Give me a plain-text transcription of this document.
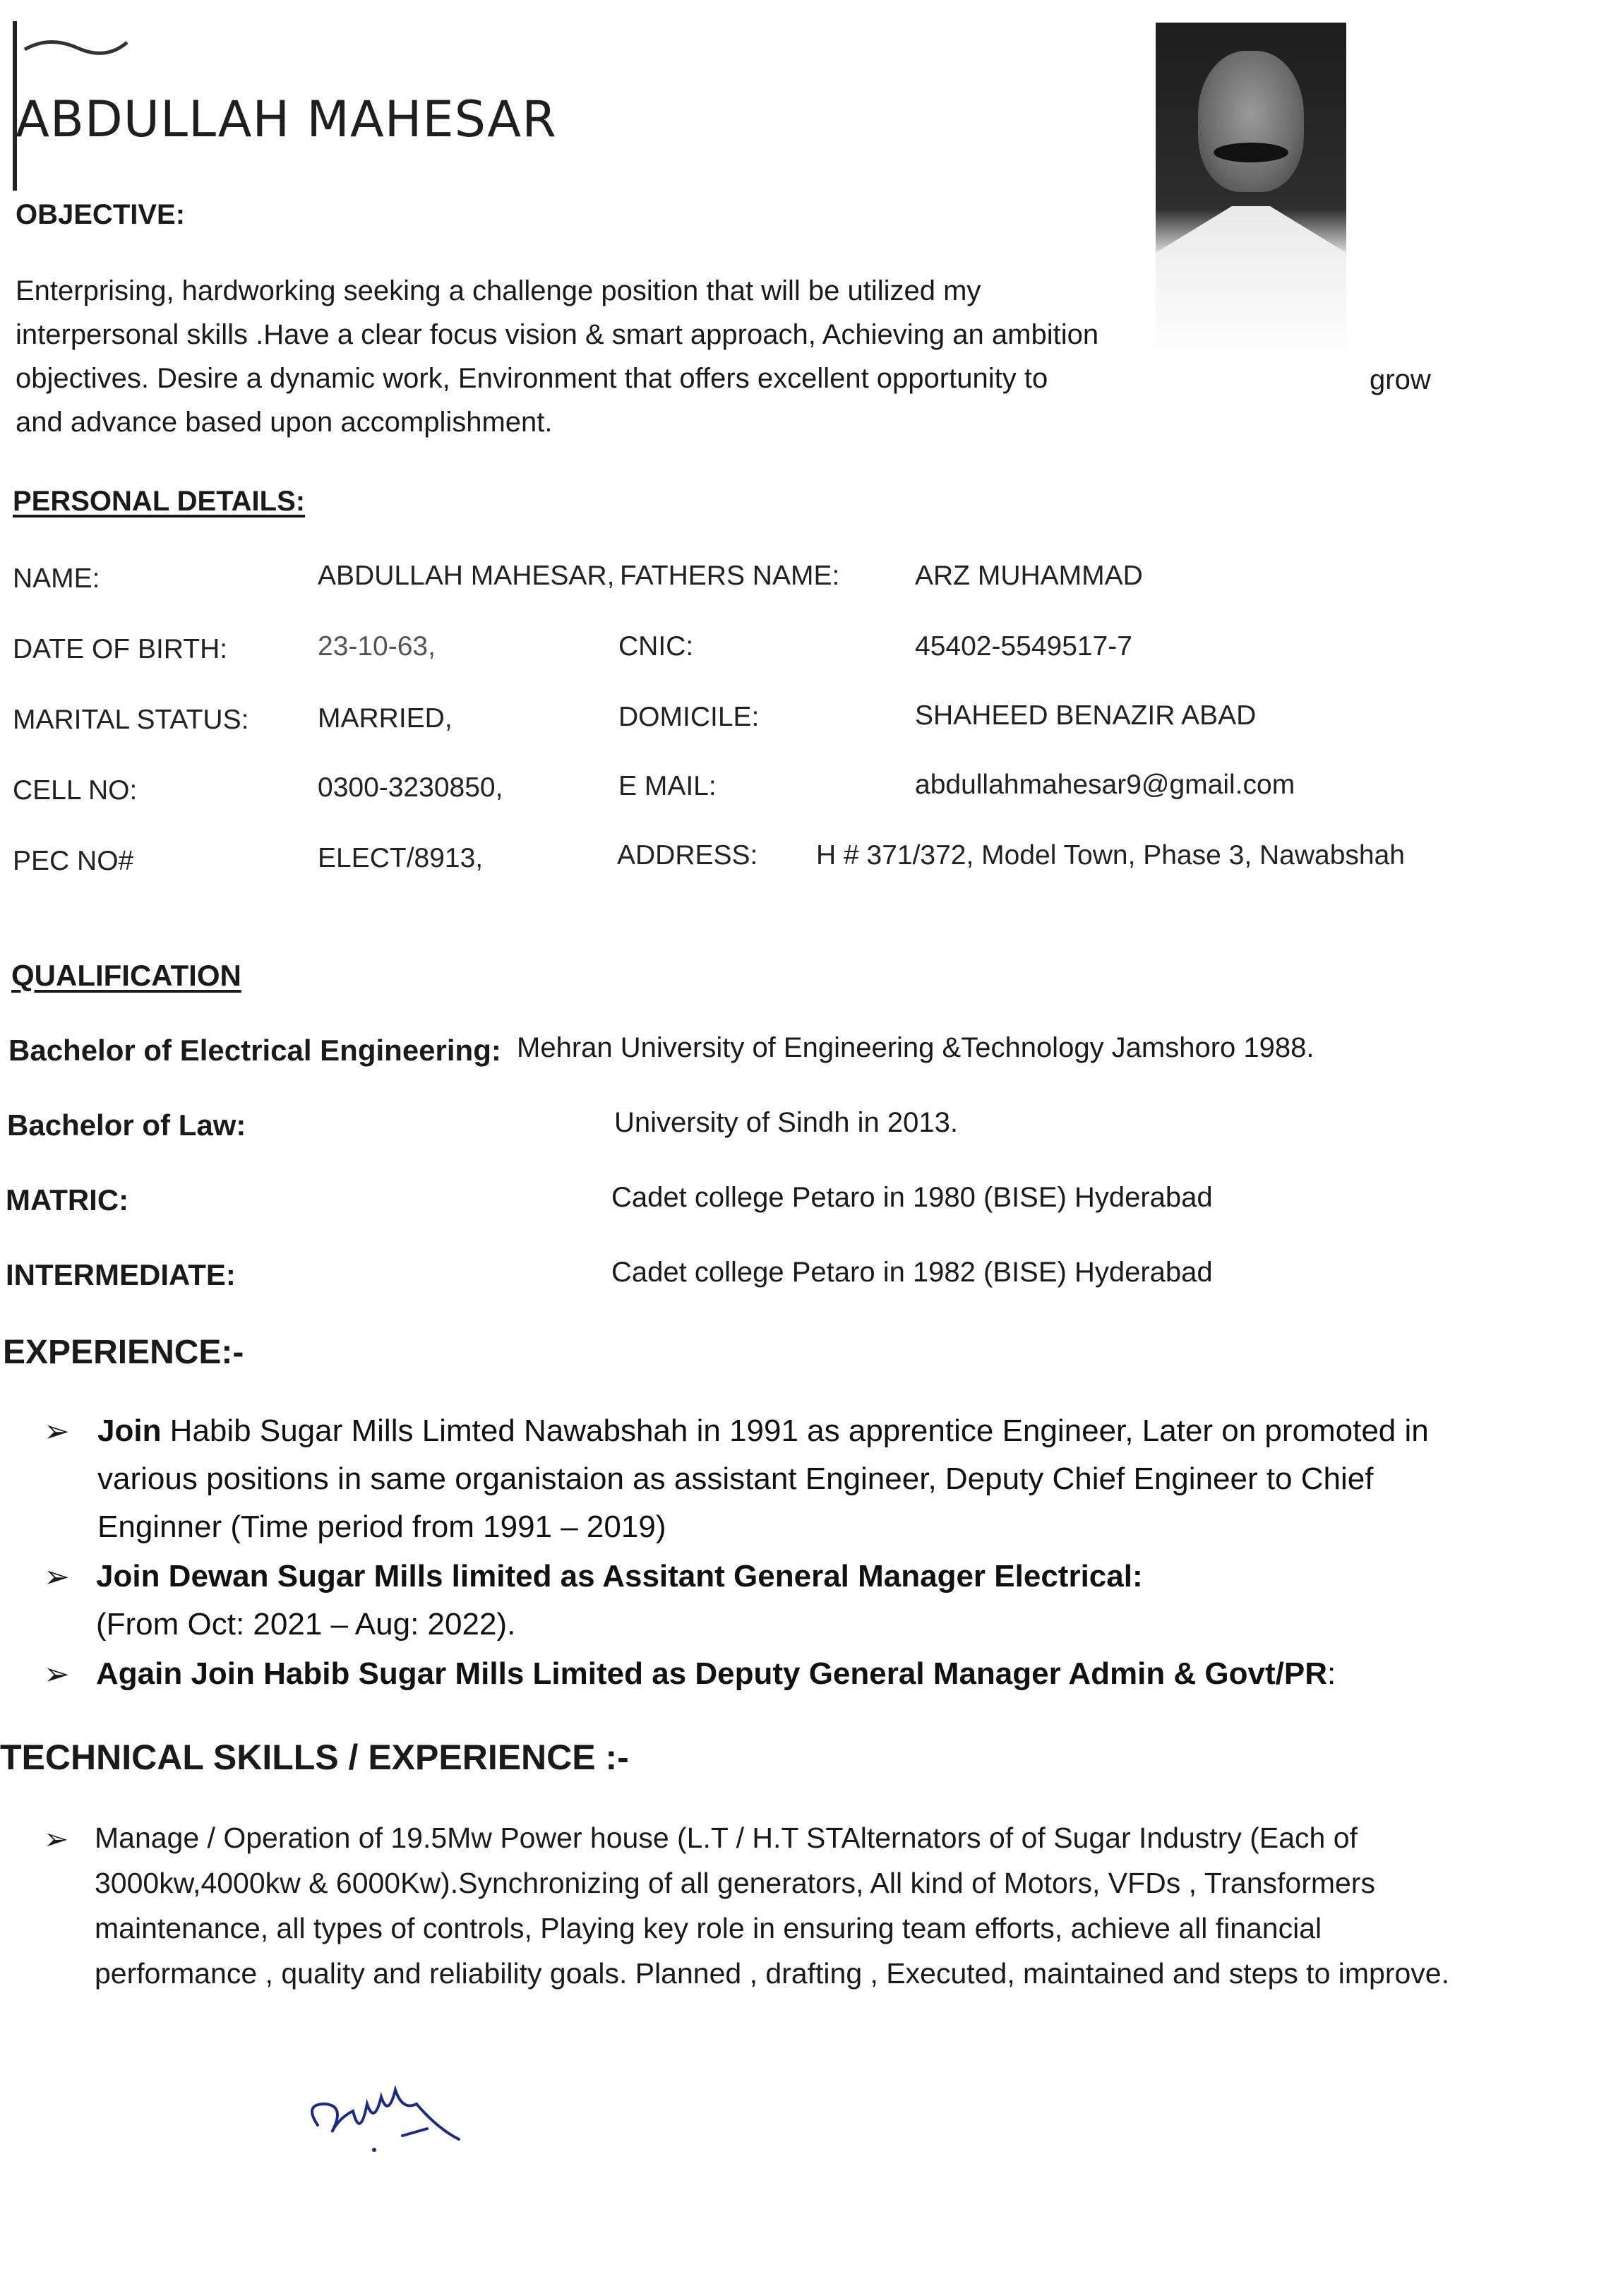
ABDULLAH MAHESAR
OBJECTIVE:
Enterprising, hardworking seeking a challenge position that will be utilized my
interpersonal skills .Have a clear focus vision & smart approach, Achieving an ambition
objectives. Desire a dynamic work, Environment that offers excellent opportunity to	grow
and advance based upon accomplishment.
PERSONAL DETAILS:
NAME:	ABDULLAH MAHESAR, FATHERS NAME:	ARZ MUHAMMAD
DATE OF BIRTH:	23-10-63,	CNIC:	45402-5549517-7
MARITAL STATUS:	MARRIED,	DOMICILE:	SHAHEED BENAZIR ABAD
CELL NO:	0300-3230850,	E MAIL:	abdullahmahesar9@gmail.com
PEC NO#	ELECT/8913,	ADDRESS: H # 371/372, Model Town, Phase 3, Nawabshah
QUALIFICATION
Bachelor of Electrical Engineering: Mehran University of Engineering &Technology Jamshoro 1988.
Bachelor of Law:	University of Sindh in 2013.
MATRIC:	Cadet college Petaro in 1980 (BISE) Hyderabad
INTERMEDIATE:	Cadet college Petaro in 1982 (BISE) Hyderabad
EXPERIENCE:-
➢ Join Habib Sugar Mills Limted Nawabshah in 1991 as apprentice Engineer, Later on promoted in
various positions in same organistaion as assistant Engineer, Deputy Chief Engineer to Chief
Enginner (Time period from 1991 – 2019)
➢ Join Dewan Sugar Mills limited as Assitant General Manager Electrical:
(From Oct: 2021 – Aug: 2022).
➢ Again Join Habib Sugar Mills Limited as Deputy General Manager Admin & Govt/PR:
TECHNICAL SKILLS / EXPERIENCE :-
➢ Manage / Operation of 19.5Mw Power house (L.T / H.T STAlternators of of Sugar Industry (Each of
3000kw,4000kw & 6000Kw).Synchronizing of all generators, All kind of Motors, VFDs , Transformers
maintenance, all types of controls, Playing key role in ensuring team efforts, achieve all financial
performance , quality and reliability goals. Planned , drafting , Executed, maintained and steps to improve.
